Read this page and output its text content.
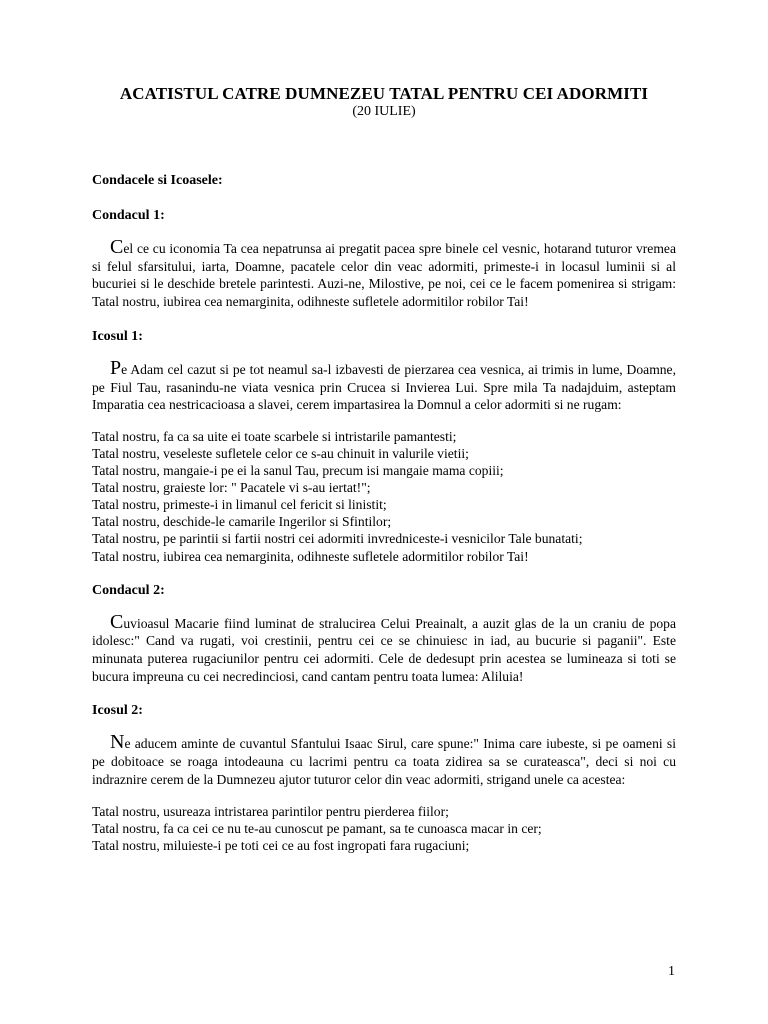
ACATISTUL CATRE DUMNEZEU TATAL PENTRU CEI ADORMITI

(20 IULIE)

Condacele si Icoasele:

Condacul 1:

Cel ce cu iconomia Ta cea nepatrunsa ai pregatit pacea spre binele cel vesnic, hotarand tuturor vremea si felul sfarsitului, iarta, Doamne, pacatele celor din veac adormiti, primeste-i in locasul luminii si al bucuriei si le deschide bretele parintesti. Auzi-ne, Milostive, pe noi, cei ce le facem pomenirea si strigam: Tatal nostru, iubirea cea nemarginita, odihneste sufletele adormitilor robilor Tai!

Icosul 1:

Pe Adam cel cazut si pe tot neamul sa-l izbavesti de pierzarea cea vesnica, ai trimis in lume, Doamne, pe Fiul Tau, rasanindu-ne viata vesnica prin Crucea si Invierea Lui. Spre mila Ta nadajduim, asteptam Imparatia cea nestricacioasa a slavei, cerem impartasirea la Domnul a celor adormiti si ne rugam:

Tatal nostru, fa ca sa uite ei toate scarbele si intristarile pamantesti;

Tatal nostru, veseleste sufletele celor ce s-au chinuit in valurile vietii;

Tatal nostru, mangaie-i pe ei la sanul Tau, precum isi mangaie mama copiii;

Tatal nostru, graieste lor: " Pacatele vi s-au iertat!";

Tatal nostru, primeste-i in limanul cel fericit si linistit;

Tatal nostru, deschide-le camarile Ingerilor si Sfintilor;

Tatal nostru, pe parintii si fartii nostri cei adormiti invredniceste-i vesnicilor Tale bunatati;

Tatal nostru, iubirea cea nemarginita, odihneste sufletele adormitilor robilor Tai!

Condacul 2:

Cuvioasul Macarie fiind luminat de stralucirea Celui Preainalt, a auzit glas de la un craniu de popa idolesc:" Cand va rugati, voi crestinii, pentru cei ce se chinuiesc in iad, au bucurie si paganii". Este minunata puterea rugaciunilor pentru cei adormiti. Cele de dedesupt prin acestea se lumineaza si toti se bucura impreuna cu cei necredinciosi, cand cantam pentru toata lumea: Aliluia!

Icosul 2:

Ne aducem aminte de cuvantul Sfantului Isaac Sirul, care spune:" Inima care iubeste, si pe oameni si pe dobitoace se roaga intodeauna cu lacrimi pentru ca toata zidirea sa se curateasca", deci si noi cu indraznire cerem de la Dumnezeu ajutor tuturor celor din veac adormiti, strigand unele ca acestea:

Tatal nostru, usureaza intristarea parintilor pentru pierderea fiilor;

Tatal nostru, fa ca cei ce nu te-au cunoscut pe pamant, sa te cunoasca macar in cer;

Tatal nostru, miluieste-i pe toti cei ce au fost ingropati fara rugaciuni;

1
